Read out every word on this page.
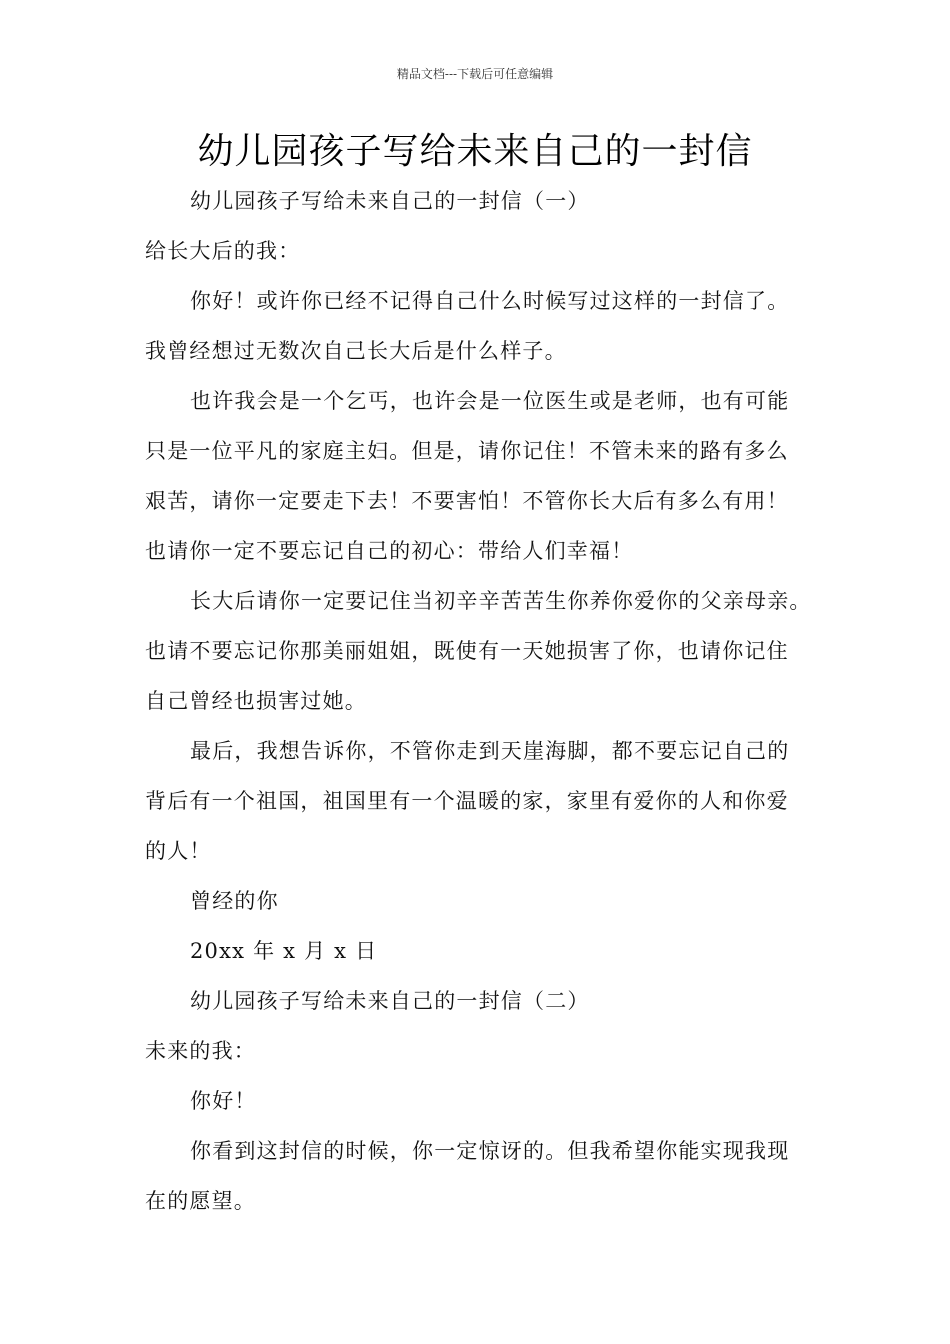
精品文档---下载后可任意编辑
幼儿园孩子写给未来自己的一封信
幼儿园孩子写给未来自己的一封信（一）
给长大后的我：
你好！或许你已经不记得自己什么时候写过这样的一封信了。
我曾经想过无数次自己长大后是什么样子。
也许我会是一个乞丐，也许会是一位医生或是老师，也有可能
只是一位平凡的家庭主妇。但是，请你记住！不管未来的路有多么
艰苦，请你一定要走下去！不要害怕！不管你长大后有多么有用！
也请你一定不要忘记自己的初心：带给人们幸福！
长大后请你一定要记住当初辛辛苦苦生你养你爱你的父亲母亲。
也请不要忘记你那美丽姐姐，既使有一天她损害了你，也请你记住
自己曾经也损害过她。
最后，我想告诉你，不管你走到天崖海脚，都不要忘记自己的
背后有一个祖国，祖国里有一个温暖的家，家里有爱你的人和你爱
的人！
曾经的你
20xx 年 x 月 x 日
幼儿园孩子写给未来自己的一封信（二）
未来的我：
你好！
你看到这封信的时候，你一定惊讶的。但我希望你能实现我现
在的愿望。
